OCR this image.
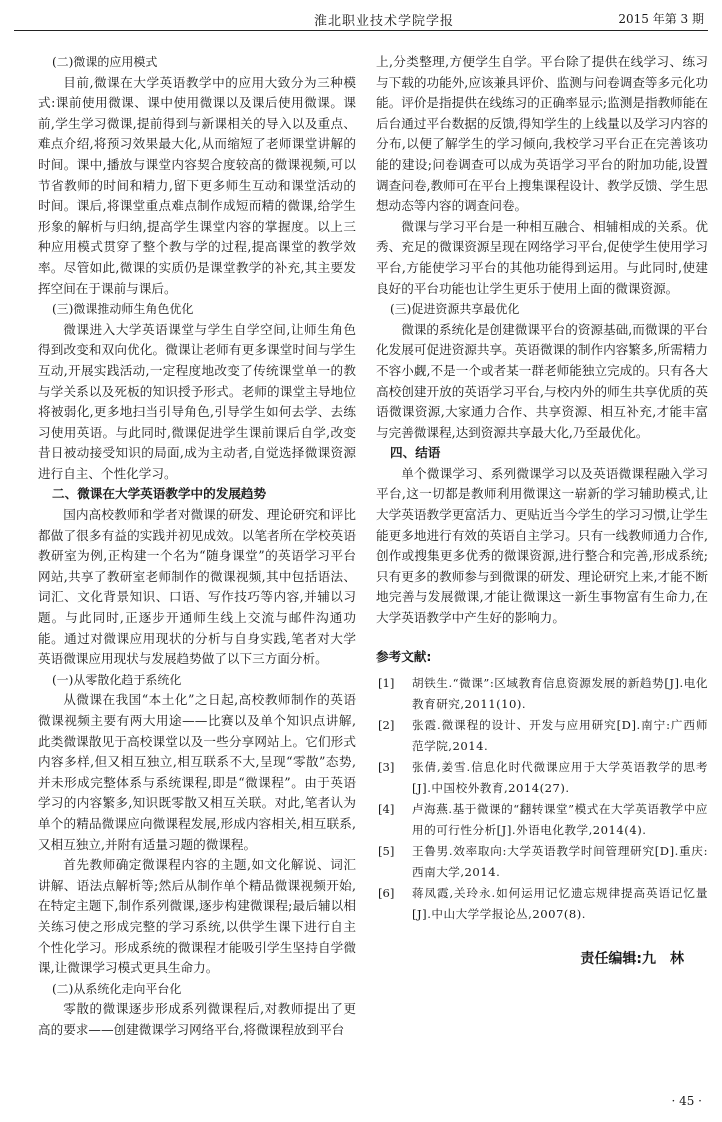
淮北职业技术学院学报	2015 年第 3 期
(二)微课的应用模式

目前,微课在大学英语教学中的应用大致分为三种模式:课前使用微课、课中使用微课以及课后使用微课。课前,学生学习微课,提前得到与新课相关的导入以及重点、难点介绍,将预习效果最大化,从而缩短了老师课堂讲解的时间。课中,播放与课堂内容契合度较高的微课视频,可以节省教师的时间和精力,留下更多师生互动和课堂活动的时间。课后,将课堂重点难点制作成短而精的微课,给学生形象的解析与归纳,提高学生课堂内容的掌握度。以上三种应用模式贯穿了整个教与学的过程,提高课堂的教学效率。尽管如此,微课的实质仍是课堂教学的补充,其主要发挥空间在于课前与课后。

(三)微课推动师生角色优化

微课进入大学英语课堂与学生自学空间,让师生角色得到改变和双向优化。微课让老师有更多课堂时间与学生互动,开展实践活动,一定程度地改变了传统课堂单一的教与学关系以及死板的知识授予形式。老师的课堂主导地位将被弱化,更多地扫当引导角色,引导学生如何去学、去练习使用英语。与此同时,微课促进学生课前课后自学,改变昔日被动接受知识的局面,成为主动者,自觉选择微课资源进行自主、个性化学习。

二、微课在大学英语教学中的发展趋势

国内高校教师和学者对微课的研发、理论研究和评比都做了很多有益的实践并初见成效。以笔者所在学校英语教研室为例,正构建一个名为“随身课堂”的英语学习平台网站,共享了教研室老师制作的微课视频,其中包括语法、词汇、文化背景知识、口语、写作技巧等内容,并辅以习题。与此同时,正逐步开通师生线上交流与邮件沟通功能。通过对微课应用现状的分析与自身实践,笔者对大学英语微课应用现状与发展趋势做了以下三方面分析。

(一)从零散化趋于系统化

从微课在我国“本土化”之日起,高校教师制作的英语微课视频主要有两大用途——比赛以及单个知识点讲解,此类微课散见于高校课堂以及一些分享网站上。它们形式内容多样,但又相互独立,相互联系不大,呈现“零散”态势,并未形成完整体系与系统课程,即是“微课程”。由于英语学习的内容繁多,知识既零散又相互关联。对此,笔者认为单个的精品微课应向微课程发展,形成内容相关,相互联系,又相互独立,并附有适量习题的微课程。

首先教师确定微课程内容的主题,如文化解说、词汇讲解、语法点解析等;然后从制作单个精品微课视频开始,在特定主题下,制作系列微课,逐步构建微课程;最后辅以相关练习使之形成完整的学习系统,以供学生课下进行自主个性化学习。形成系统的微课程才能吸引学生坚持自学微课,让微课学习模式更具生命力。

(二)从系统化走向平台化

零散的微课逐步形成系列微课程后,对教师提出了更高的要求——创建微课学习网络平台,将微课程放到平台

上,分类整理,方便学生自学。平台除了提供在线学习、练习与下载的功能外,应该兼具评价、监测与问卷调查等多元化功能。评价是指提供在线练习的正确率显示;监测是指教师能在后台通过平台数据的反馈,得知学生的上线量以及学习内容的分布,以便了解学生的学习倾向,我校学习平台正在完善该功能的建设;问卷调查可以成为英语学习平台的附加功能,设置调查问卷,教师可在平台上搜集课程设计、教学反馈、学生思想动态等内容的调查问卷。

微课与学习平台是一种相互融合、相辅相成的关系。优秀、充足的微课资源呈现在网络学习平台,促使学生使用学习平台,方能使学习平台的其他功能得到运用。与此同时,使建良好的平台功能也让学生更乐于使用上面的微课资源。

(三)促进资源共享最优化

微课的系统化是创建微课平台的资源基础,而微课的平台化发展可促进资源共享。英语微课的制作内容繁多,所需精力不容小觑,不是一个或者某一群老师能独立完成的。只有各大高校创建开放的英语学习平台,与校内外的师生共享优质的英语微课资源,大家通力合作、共享资源、相互补充,才能丰富与完善微课程,达到资源共享最大化,乃至最优化。

四、结语

单个微课学习、系列微课学习以及英语微课程融入学习平台,这一切都是教师利用微课这一崭新的学习辅助模式,让大学英语教学更富活力、更贴近当今学生的学习习惯,让学生能更多地进行有效的英语自主学习。只有一线教师通力合作,创作或搜集更多优秀的微课资源,进行整合和完善,形成系统;只有更多的教师参与到微课的研发、理论研究上来,才能不断地完善与发展微课,才能让微课这一新生事物富有生命力,在大学英语教学中产生好的影响力。

参考文献:
[1]	胡铁生.“微课”:区域教育信息资源发展的新趋势[J].电化教育研究,2011(10).
[2]	张霞.微课程的设计、开发与应用研究[D].南宁:广西师范学院,2014.
[3]	张倩,姜雪.信息化时代微课应用于大学英语教学的思考[J].中国校外教育,2014(27).
[4]	卢海燕.基于微课的“翻转课堂”模式在大学英语教学中应用的可行性分析[J].外语电化教学,2014(4).
[5]	王鲁男.效率取向:大学英语教学时间管理研究[D].重庆:西南大学,2014.
[6]	蒋凤霞,关玲永.如何运用记忆遗忘规律提高英语记忆量[J].中山大学学报论丛,2007(8).
责任编辑:九　林
· 45 ·
